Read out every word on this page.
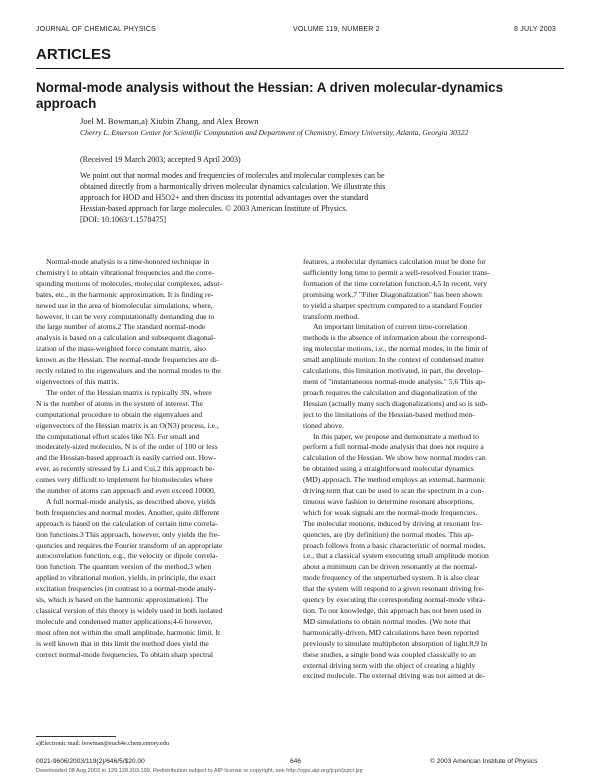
JOURNAL OF CHEMICAL PHYSICS	VOLUME 119, NUMBER 2	8 JULY 2003
ARTICLES
Normal-mode analysis without the Hessian: A driven molecular-dynamics approach
Joel M. Bowman,a) Xiubin Zhang, and Alex Brown
Cherry L. Emerson Center for Scientific Computation and Department of Chemistry, Emory University, Atlanta, Georgia 30322
(Received 19 March 2003; accepted 9 April 2003)
We point out that normal modes and frequencies of molecules and molecular complexes can be
obtained directly from a harmonically driven molecular dynamics calculation. We illustrate this
approach for HOD and H5O2+ and then discuss its potential advantages over the standard
Hessian-based approach for large molecules. © 2003 American Institute of Physics.
[DOI: 10.1063/1.1578475]
Normal-mode analysis is a time-honored technique in
chemistry1 to obtain vibrational frequencies and the corre-
sponding motions of molecules, molecular complexes, adsor-
bates, etc., in the harmonic approximation. It is finding re-
newed use in the area of biomolecular simulations, where,
however, it can be very computationally demanding due to
the large number of atoms.2 The standard normal-mode
analysis is based on a calculation and subsequent diagonal-
ization of the mass-weighted force constant matrix, also
known as the Hessian. The normal-mode frequencies are di-
rectly related to the eigenvalues and the normal modes to the
eigenvectors of this matrix.
The order of the Hessian matrix is typically 3N, where
N is the number of atoms in the system of interest. The
computational procedure to obtain the eigenvalues and
eigenvectors of the Hessian matrix is an O(N3) process, i.e.,
the computational effort scales like N3. For small and
moderately-sized molecules, N is of the order of 100 or less
and the Hessian-based approach is easily carried out. How-
ever, as recently stressed by Li and Cui,2 this approach be-
comes very difficult to implement for biomolecules where
the number of atoms can approach and even exceed 10000.
A full normal-mode analysis, as described above, yields
both frequencies and normal modes. Another, quite different
approach is based on the calculation of certain time correla-
tion functions.3 This approach, however, only yields the fre-
quencies and requires the Fourier transform of an appropriate
autocorrelation function, e.g., the velocity or dipole correla-
tion function. The quantum version of the method,3 when
applied to vibrational motion, yields, in principle, the exact
excitation frequencies (in contrast to a normal-mode analy-
sis, which is based on the harmonic approximation). The
classical version of this theory is widely used in both isolated
molecule and condensed matter applications;4-6 however,
most often not within the small amplitude, harmonic limit. It
is well known that in this limit the method does yield the
correct normal-mode frequencies. To obtain sharp spectral
features, a molecular dynamics calculation must be done for
sufficiently long time to permit a well-resolved Fourier trans-
formation of the time correlation function.4,5 In recent, very
promising work,7 "Filter Diagonalization" has been shown
to yield a sharper spectrum compared to a standard Fourier
transform method.
An important limitation of current time-correlation
methods is the absence of information about the correspond-
ing molecular motions, i.e., the normal modes, in the limit of
small amplitude motion. In the context of condensed matter
calculations, this limitation motivated, in part, the develop-
ment of "instantaneous normal-mode analysis." 5,6 This ap-
proach requires the calculation and diagonalization of the
Hessian (actually many such diagonalizations) and so is sub-
ject to the limitations of the Hessian-based method men-
tioned above.
In this paper, we propose and demonstrate a method to
perform a full normal-mode analysis that does not require a
calculation of the Hessian. We show how normal modes can
be obtained using a straightforward molecular dynamics
(MD) approach. The method employs an external, harmonic
driving term that can be used to scan the spectrum in a con-
tinuous wave fashion to determine resonant absorptions,
which for weak signals are the normal-mode frequencies.
The molecular motions, induced by driving at resonant fre-
quencies, are (by definition) the normal modes. This ap-
proach follows from a basic characteristic of normal modes,
i.e., that a classical system executing small amplitude motion
about a minimum can be driven resonantly at the normal-
mode frequency of the unperturbed system. It is also clear
that the system will respond to a given resonant driving fre-
quency by executing the corresponding normal-mode vibra-
tion. To our knowledge, this approach has not been used in
MD simulations to obtain normal modes. (We note that
harmonically-driven, MD calculations have been reported
previously to simulate multiphoton absorption of light.8,9 In
these studies, a single bond was coupled classically to an
external driving term with the object of creating a highly
excited molecule. The external driving was not aimed at de-
a)Electronic mail: bowman@euch4e.chem.emory.edu
0021-9606/2003/119(2)/646/5/$20.00	646	© 2003 American Institute of Physics
Downloaded 08 Aug 2003 to 129.128.203.199. Redistribution subject to AIP license or copyright, see http://ojps.aip.org/jcpo/jcpcr.jsp
